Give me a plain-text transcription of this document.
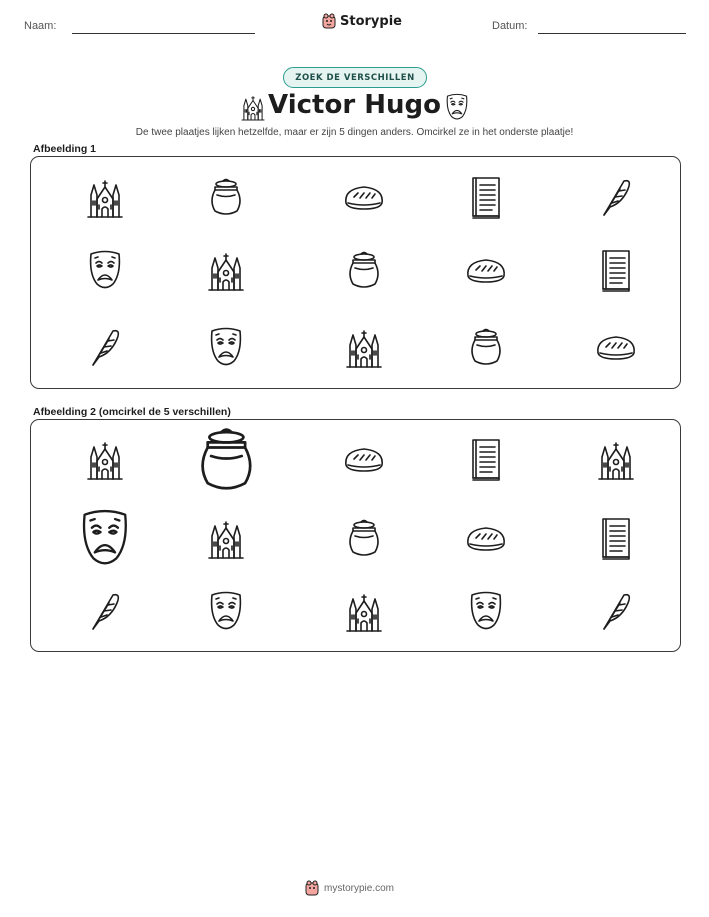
Naam:	Storypie	Datum:
ZOEK DE VERSCHILLEN
Victor Hugo
De twee plaatjes lijken hetzelfde, maar er zijn 5 dingen anders. Omcirkel ze in het onderste plaatje!
Afbeelding 1
Afbeelding 2 (omcirkel de 5 verschillen)
mystorypie.com
